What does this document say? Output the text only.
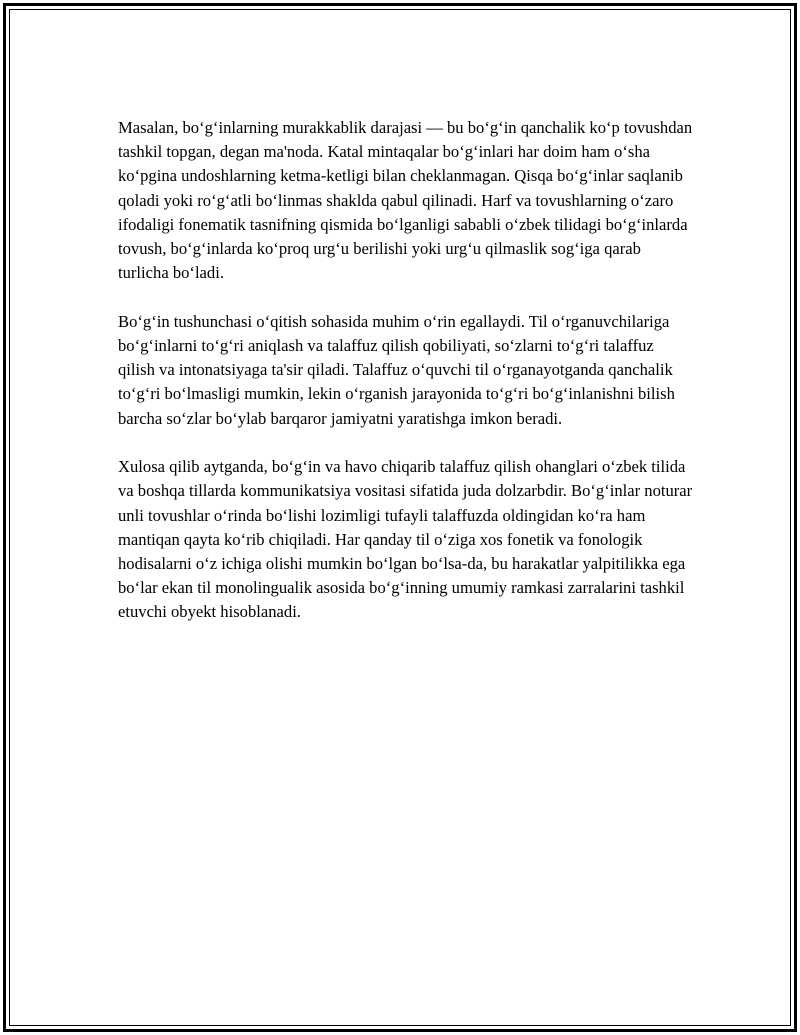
Masalan, boʻgʻinlarning murakkablik darajasi — bu boʻgʻin qanchalik koʻp tovushdan tashkil topgan, degan ma'noda. Katal mintaqalar boʻgʻinlari har doim ham oʻsha koʻpgina undoshlarning ketma-ketligi bilan cheklanmagan. Qisqa boʻgʻinlar saqlanib qoladi yoki roʻgʻatli boʻlinmas shaklda qabul qilinadi. Harf va tovushlarning oʻzaro ifodaligi fonematik tasnifning qismida boʻlganligi sababli oʻzbek tilidagi boʻgʻinlarda tovush, boʻgʻinlarda koʻproq urgʻu berilishi yoki urgʻu qilmaslik sogʻiga qarab turlicha boʻladi.

Boʻgʻin tushunchasi oʻqitish sohasida muhim oʻrin egallaydi. Til oʻrganuvchilariga boʻgʻinlarni toʻgʻri aniqlash va talaffuz qilish qobiliyati, soʻzlarni toʻgʻri talaffuz qilish va intonatsiyaga ta'sir qiladi. Talaffuz oʻquvchi til oʻrganayotganda qanchalik toʻgʻri boʻlmasligi mumkin, lekin oʻrganish jarayonida toʻgʻri boʻgʻinlanishni bilish barcha soʻzlar boʻylab barqaror jamiyatni yaratishga imkon beradi.

Xulosa qilib aytganda, boʻgʻin va havo chiqarib talaffuz qilish ohanglari oʻzbek tilida va boshqa tillarda kommunikatsiya vositasi sifatida juda dolzarbdir. Boʻgʻinlar noturar unli tovushlar oʻrinda boʻlishi lozimligi tufayli talaffuzda oldingidan koʻra ham mantiqan qayta koʻrib chiqiladi. Har qanday til oʻziga xos fonetik va fonologik hodisalarni oʻz ichiga olishi mumkin boʻlgan boʻlsa-da, bu harakatlar yalpitilikka ega boʻlar ekan til monolingualik asosida boʻgʻinning umumiy ramkasi zarralarini tashkil etuvchi obyekt hisoblanadi.
